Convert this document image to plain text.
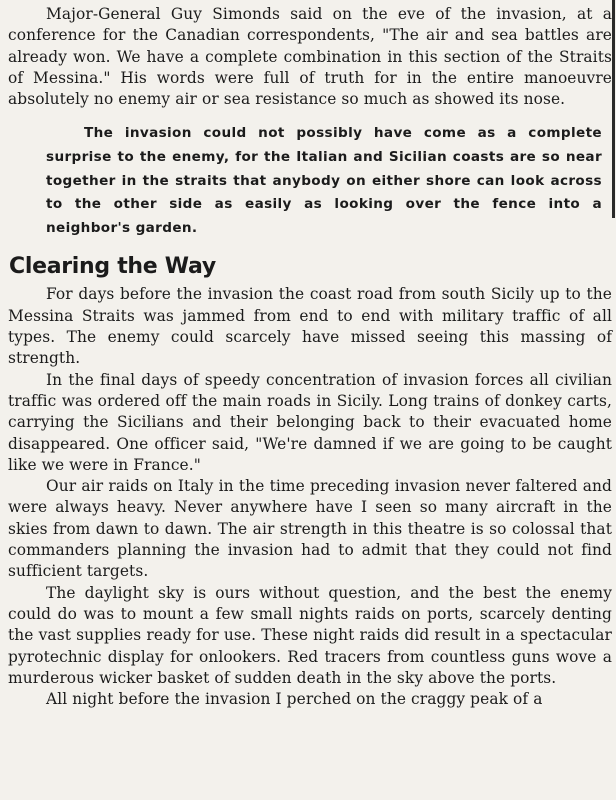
Major-General Guy Simonds said on the eve of the invasion, at a conference for the Canadian correspondents, "The air and sea battles are already won. We have a complete combination in this section of the Straits of Messina." His words were full of truth for in the entire manoeuvre absolutely no enemy air or sea resistance so much as showed its nose.

The invasion could not possibly have come as a complete surprise to the enemy, for the Italian and Sicilian coasts are so near together in the straits that anybody on either shore can look across to the other side as easily as looking over the fence into a neighbor's garden.

Clearing the Way

For days before the invasion the coast road from south Sicily up to the Messina Straits was jammed from end to end with military traffic of all types. The enemy could scarcely have missed seeing this massing of strength.

In the final days of speedy concentration of invasion forces all civilian traffic was ordered off the main roads in Sicily. Long trains of donkey carts, carrying the Sicilians and their belonging back to their evacuated home disappeared. One officer said, "We're damned if we are going to be caught like we were in France."

Our air raids on Italy in the time preceding invasion never faltered and were always heavy. Never anywhere have I seen so many aircraft in the skies from dawn to dawn. The air strength in this theatre is so colossal that commanders planning the invasion had to admit that they could not find sufficient targets.

The daylight sky is ours without question, and the best the enemy could do was to mount a few small nights raids on ports, scarcely denting the vast supplies ready for use. These night raids did result in a spectacular pyrotechnic display for onlookers. Red tracers from countless guns wove a murderous wicker basket of sudden death in the sky above the ports.

All night before the invasion I perched on the craggy peak of a
